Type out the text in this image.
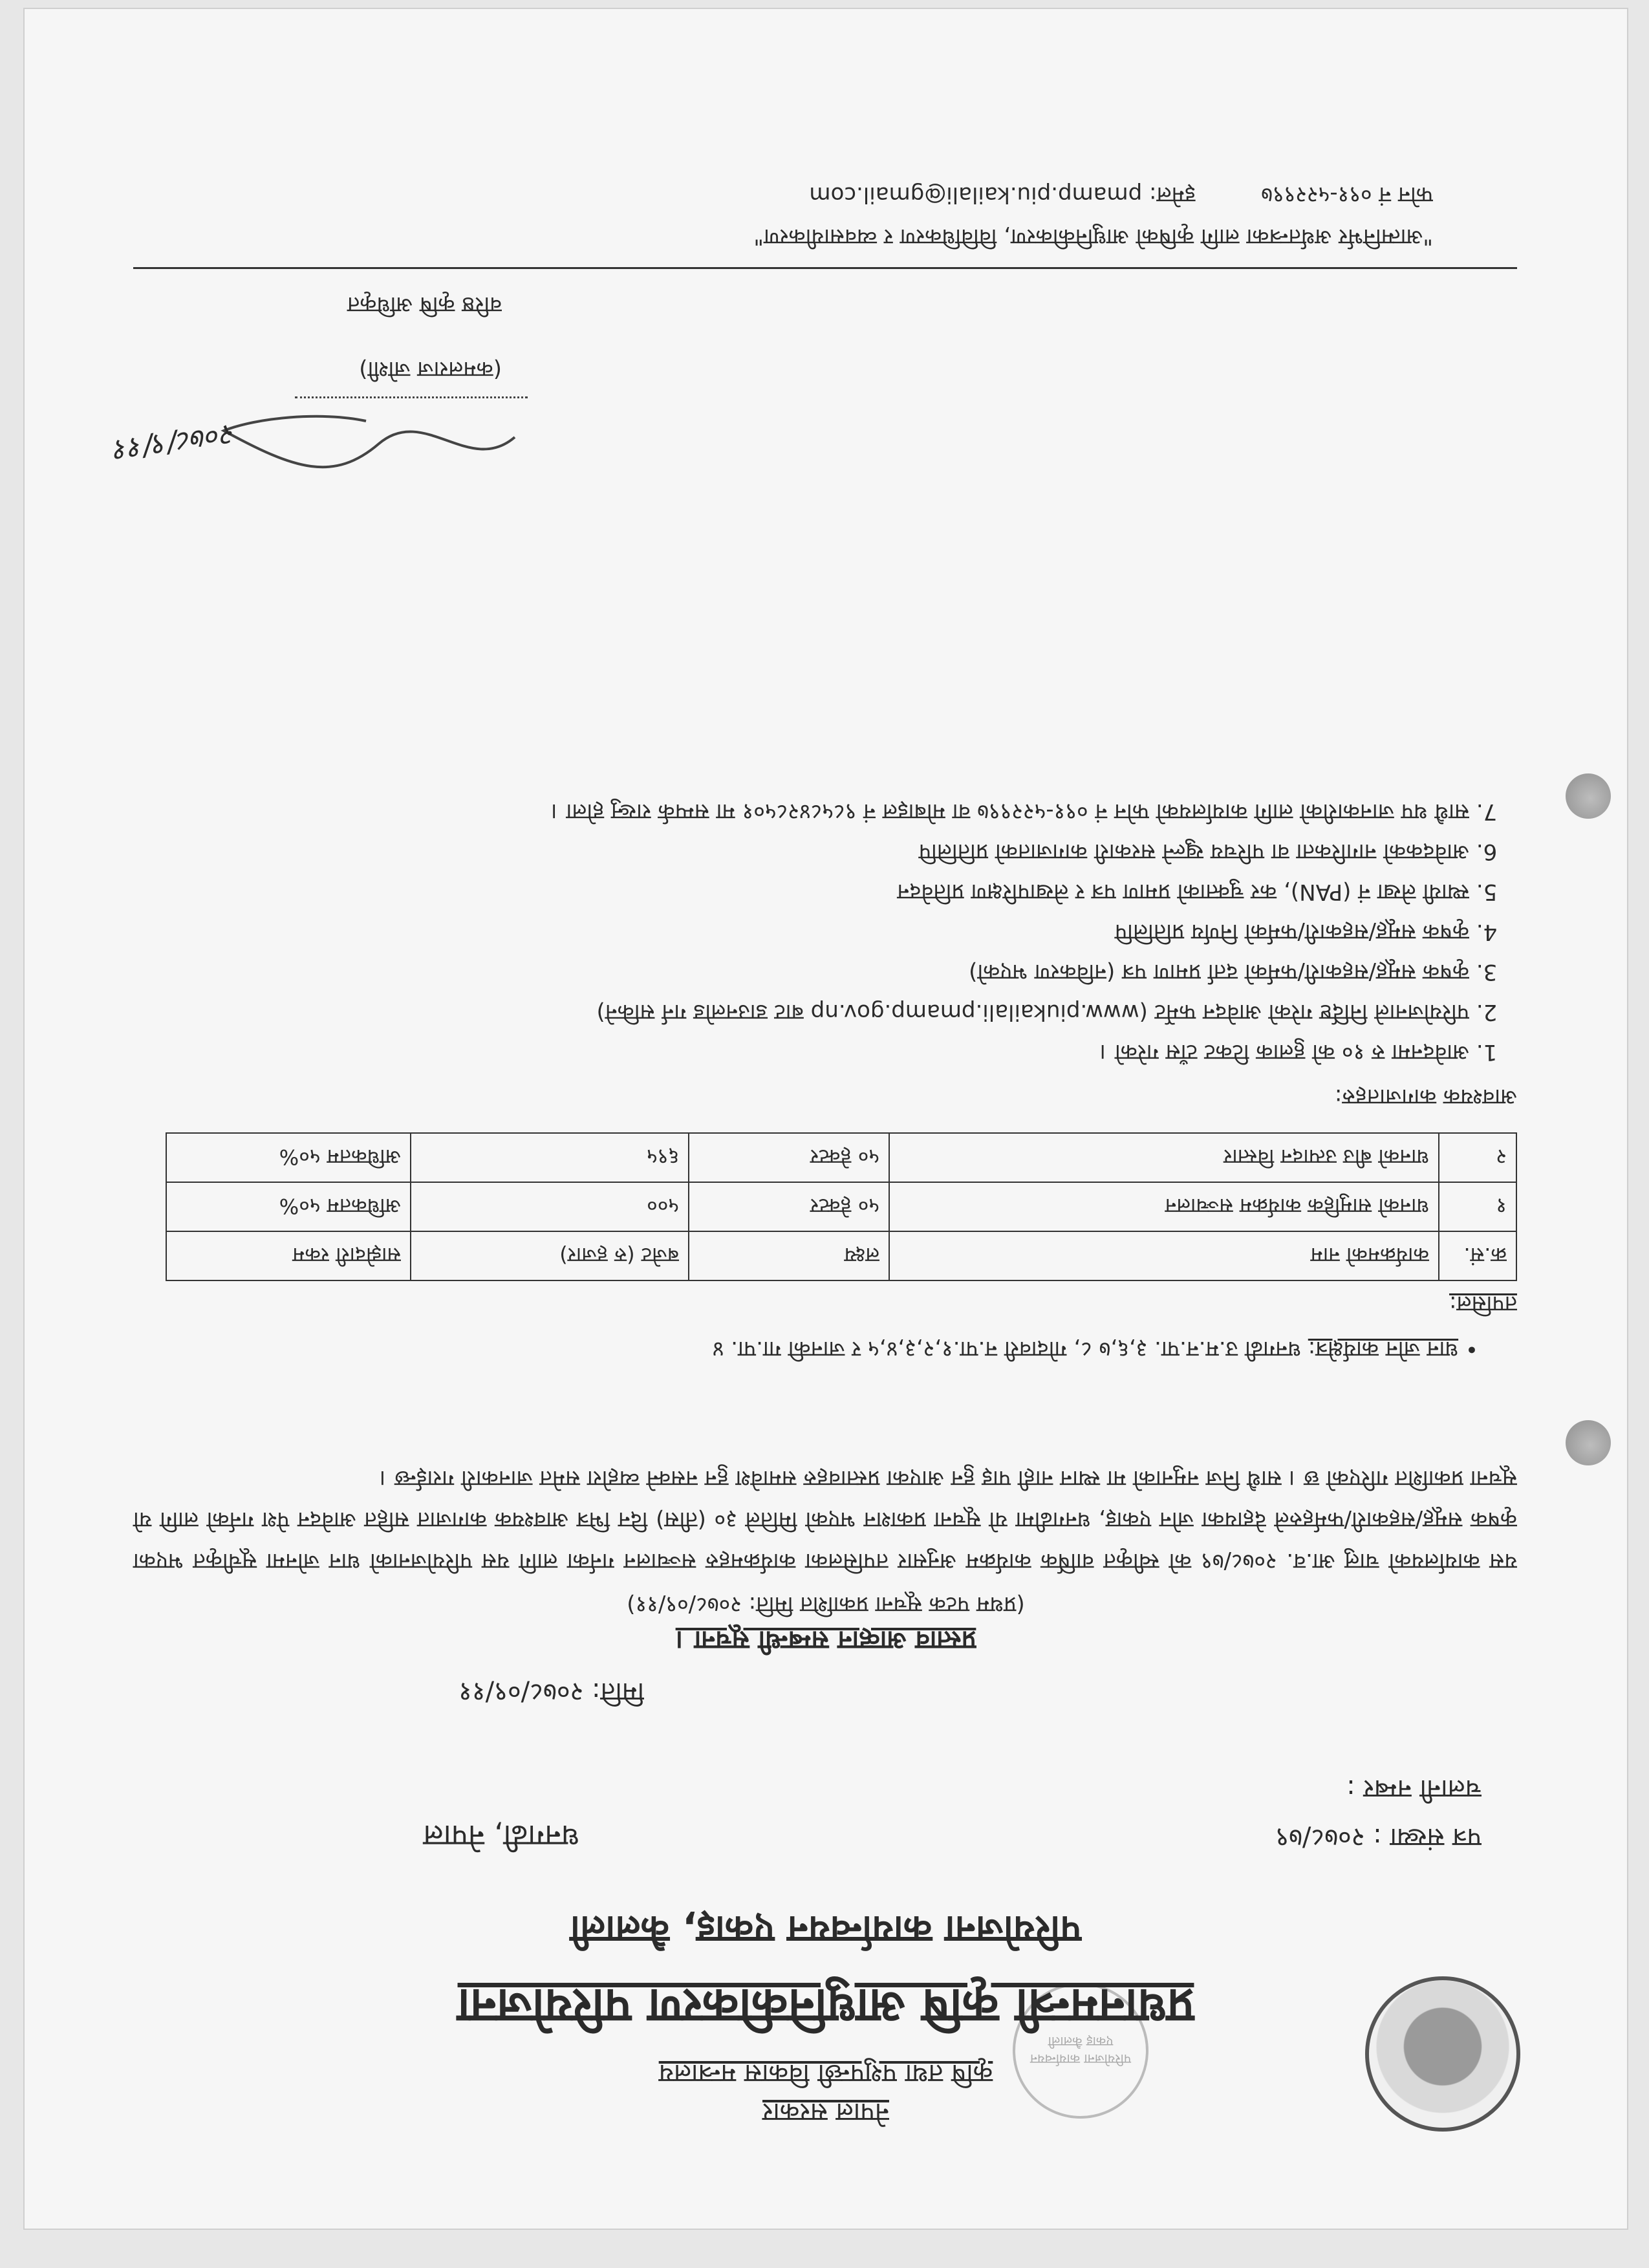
परियोजना कार्यान्वयन एकाइ कैलाली
नेपाल सरकार
कृषि तथा पशुपन्छी विकास मन्त्रालय
प्रधानमन्त्री कृषि आधुनिकीकरण परियोजना
परियोजना कार्यान्वयन एकाइ, कैलाली
पत्र संख्या : २०७८/७९
धनगढी, नेपाल
चलानी नम्बर :
मिति: २०७८/०९/११
प्रस्ताव आव्हान सम्बन्धी सूचना ।
(प्रथम पटक सूचना प्रकाशित मिति: २०७८/०९/११)
यस कार्यालयको चालु आ.व. २०७८/७९ को स्वीकृत वार्षिक कार्यक्रम अनुसार तपसिलका कार्यक्रमहरु सञ्चालन गर्नका लागि यस परियोजनाको धान जोनमा सूचीकृत भएका कृषक समूह/सहकारी/फर्महरुले देहायका जोन एकाइ, धनगढीमा यो सूचना प्रकाशन भएको मितिले ३० (तीस) दिन भित्र आवश्यक कागजात सहित आवेदन पेश गर्नको लागि यो सूचना प्रकाशित गरिएको छ । साथै निज नमुनाको मा स्थान नाही पाइ हुन आएका प्रस्तावहरु समावेश हुन नसक्ने व्यहोरा समेत जानकारी गराईन्छ ।
• धान जोन कार्यक्षेत्र: धनगढी उ.म.न.पा. ३,६,७ ८, गोदावरी न.पा.१,२,३,४,५ र जानकी गा.पा. ४
तपसिल:
क्र.सं.	कार्यक्रमको नाम	लक्ष्य	बजेट (रु हजार)	साझेदारी रकम
१	धानको सामुहिक कार्यक्रम सञ्चालन	५० हेक्टर	५००	अधिकतम ५०%
२	धानको बीउ उत्पादन विस्तार	५० हेक्टर	६९५	अधिकतम ५०%
आवश्यक कागजातहरु:
1. आवेदनमा रु १० को हुलाक टिकट टाँस गरेको ।
2. परियोजनाले निर्दिष्ट गरेको आवेदन फर्मेट (www.piukailali.pmamp.gov.np बाट डाउनलोड गर्न सकिने)
3. कृषक समूह/सहकारी/फर्मको दर्ता प्रमाण पत्र (नविकरण भएको)
4. कृषक समूह/सहकारी/फर्मको निर्णय प्रतिलिपि
5. स्थायी लेखा नं (PAN), कर चुक्ताको प्रमाण पत्र र लेखापरिक्षण प्रतिवेदन
6. आवेदकको नागरिकता वा परिचय खुल्ने सरकारी कागजातको प्रतिलिपि
7. साथै थप जानकारीको लागि कार्यालयको फोन नं ०९१-५२२९९७ वा मोबाइल नं ९८५८४२८५०१ मा सम्पर्क राख्नु होला ।
२०७८/९/११
(कमलराज जोशी)
वरिष्ठ कृषि अधिकृत
"आत्मनिर्भर अर्थतन्त्रका लागि कृषिको आधुनिकीकरण, विविधिकरण र व्यवसायीकरण"
फोन नं ०९१-५२२९९७  इमेल: pmamp.piu.kailali@gmail.com
